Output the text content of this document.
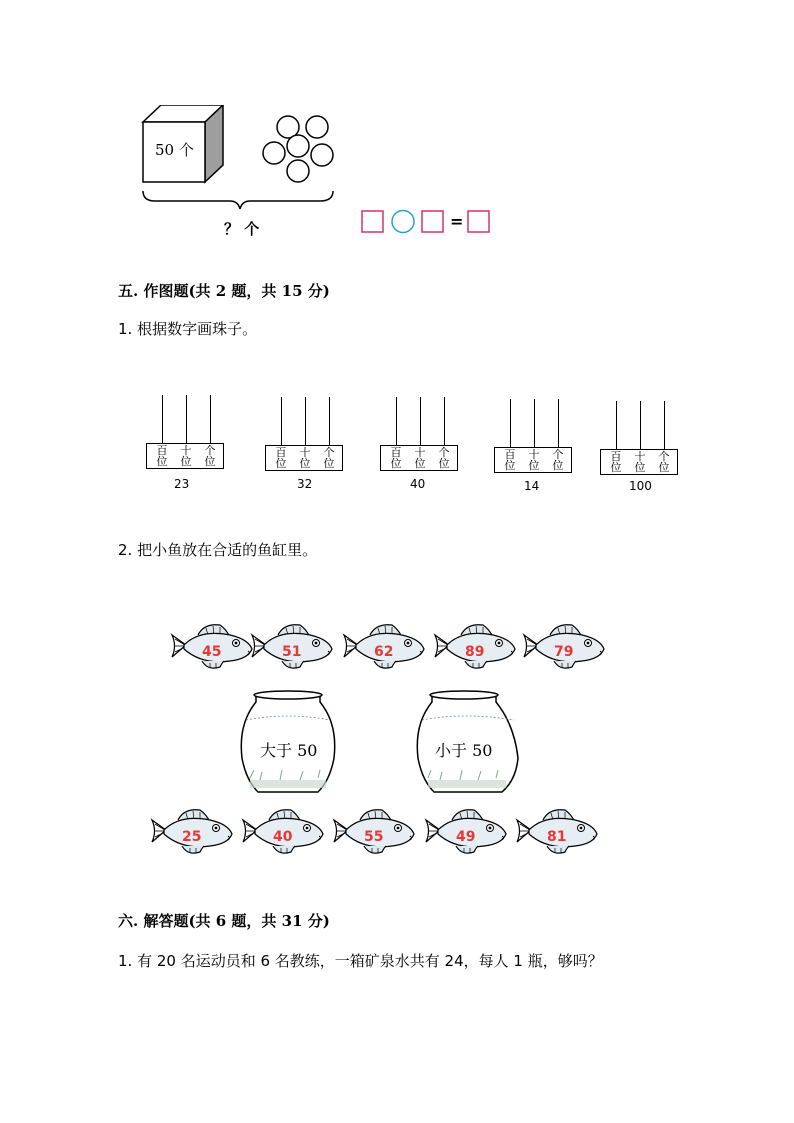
50 个
？ 个	=
五. 作图题(共 2 题，共 15 分)
1. 根据数字画珠子。
百
位
十
位
个
位
23
百
位
十
位
个
位
32
百
位
十
位
个
位
40
百
位
十
位
个
位
14
百
位
十
位
个
位
100
2. 把小鱼放在合适的鱼缸里。
45	51	62	89	79
大于 50	小于 50
25	40	55	49	81
六. 解答题(共 6 题，共 31 分)
1. 有 20 名运动员和 6 名教练，一箱矿泉水共有 24，每人 1 瓶，够吗？
